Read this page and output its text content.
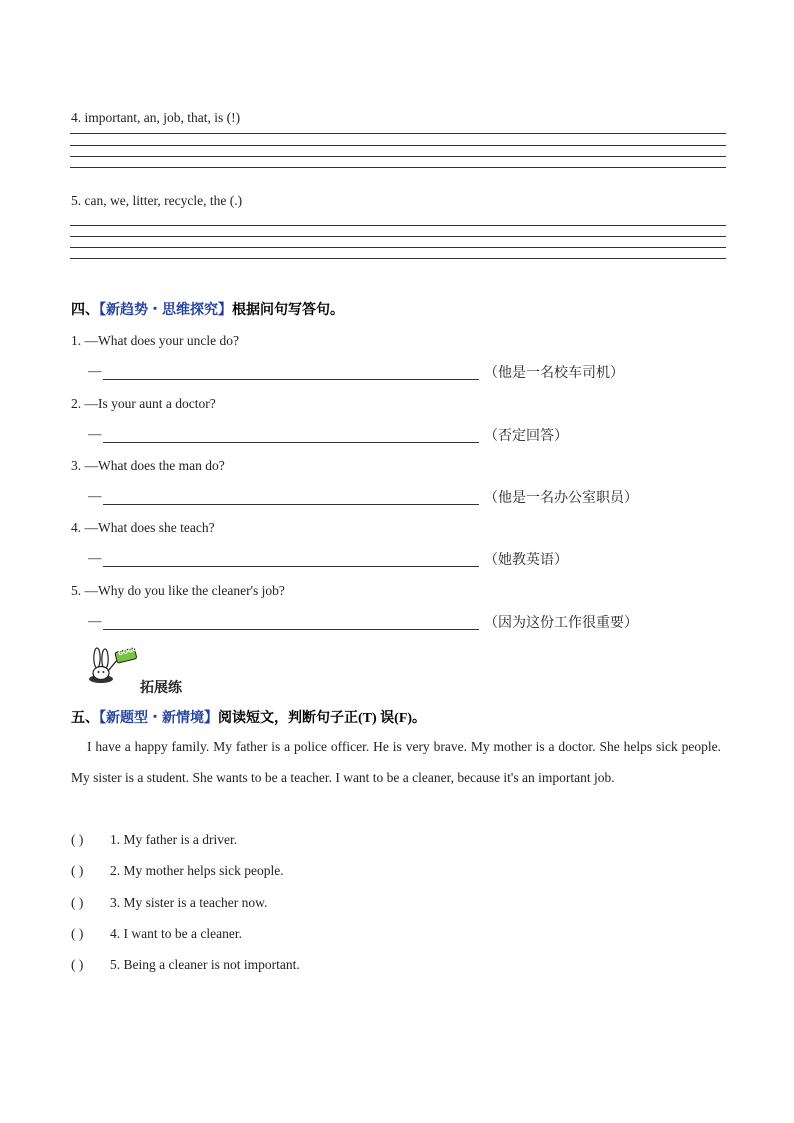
4. important, an, job, that, is (!)
5. can, we, litter, recycle, the (.)
四、【新趋势・思维探究】根据问句写答句。
1. —What does your uncle do?
—	（他是一名校车司机）
2. —Is your aunt a doctor?
—	（否定回答）
3. —What does the man do?
—	（他是一名办公室职员）
4. —What does she teach?
—	（她教英语）
5. —Why do you like the cleaner's job?
—	（因为这份工作很重要）
GOGO
拓展练
五、【新题型・新情境】阅读短文，判断句子正(T) 误(F)。

I have a happy family. My father is a police officer. He is very brave. My mother is a doctor. She helps sick people. My sister is a student. She wants to be a teacher. I want to be a cleaner, because it's an important job.

( ) 1. My father is a driver.
( ) 2. My mother helps sick people.
( ) 3. My sister is a teacher now.
( ) 4. I want to be a cleaner.
( ) 5. Being a cleaner is not important.
